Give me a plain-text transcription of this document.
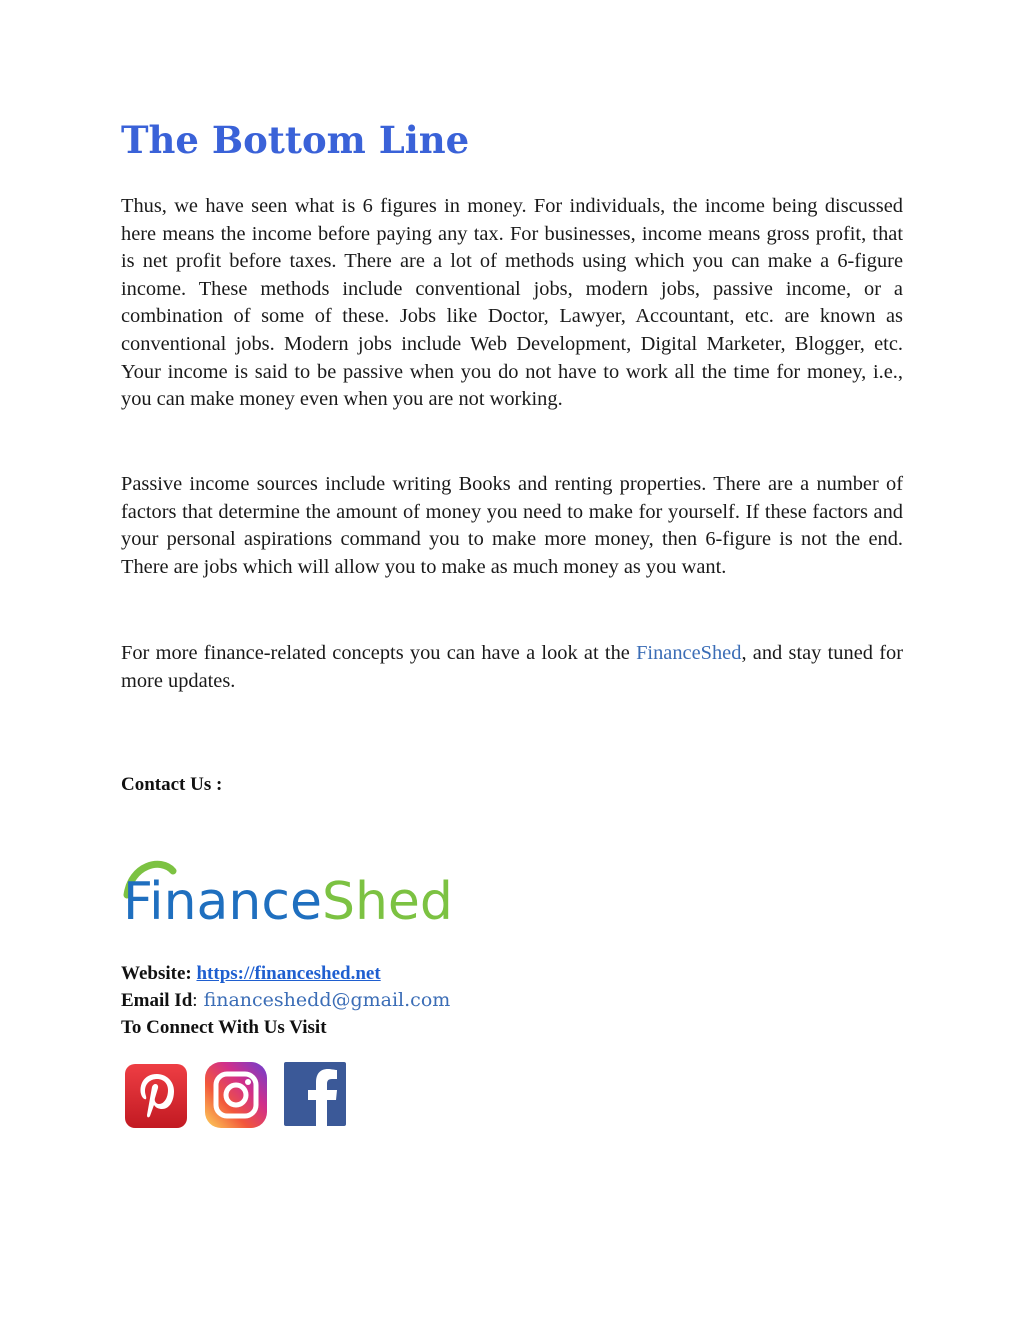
The Bottom Line

Thus, we have seen what is 6 figures in money. For individuals, the income being discussed here means the income before paying any tax. For businesses, income means gross profit, that is net profit before taxes. There are a lot of methods using which you can make a 6-figure income. These methods include conventional jobs, modern jobs, passive income, or a combination of some of these. Jobs like Doctor, Lawyer, Accountant, etc. are known as conventional jobs. Modern jobs include Web Development, Digital Marketer, Blogger, etc. Your income is said to be passive when you do not have to work all the time for money, i.e., you can make money even when you are not working.

Passive income sources include writing Books and renting properties. There are a number of factors that determine the amount of money you need to make for yourself. If these factors and your personal aspirations command you to make more money, then 6-figure is not the end. There are jobs which will allow you to make as much money as you want.

For more finance-related concepts you can have a look at the FinanceShed, and stay tuned for more updates.

Contact Us :

FinanceShed
Website: https://financeshed.net
Email Id: financeshedd@gmail.com
To Connect With Us Visit
